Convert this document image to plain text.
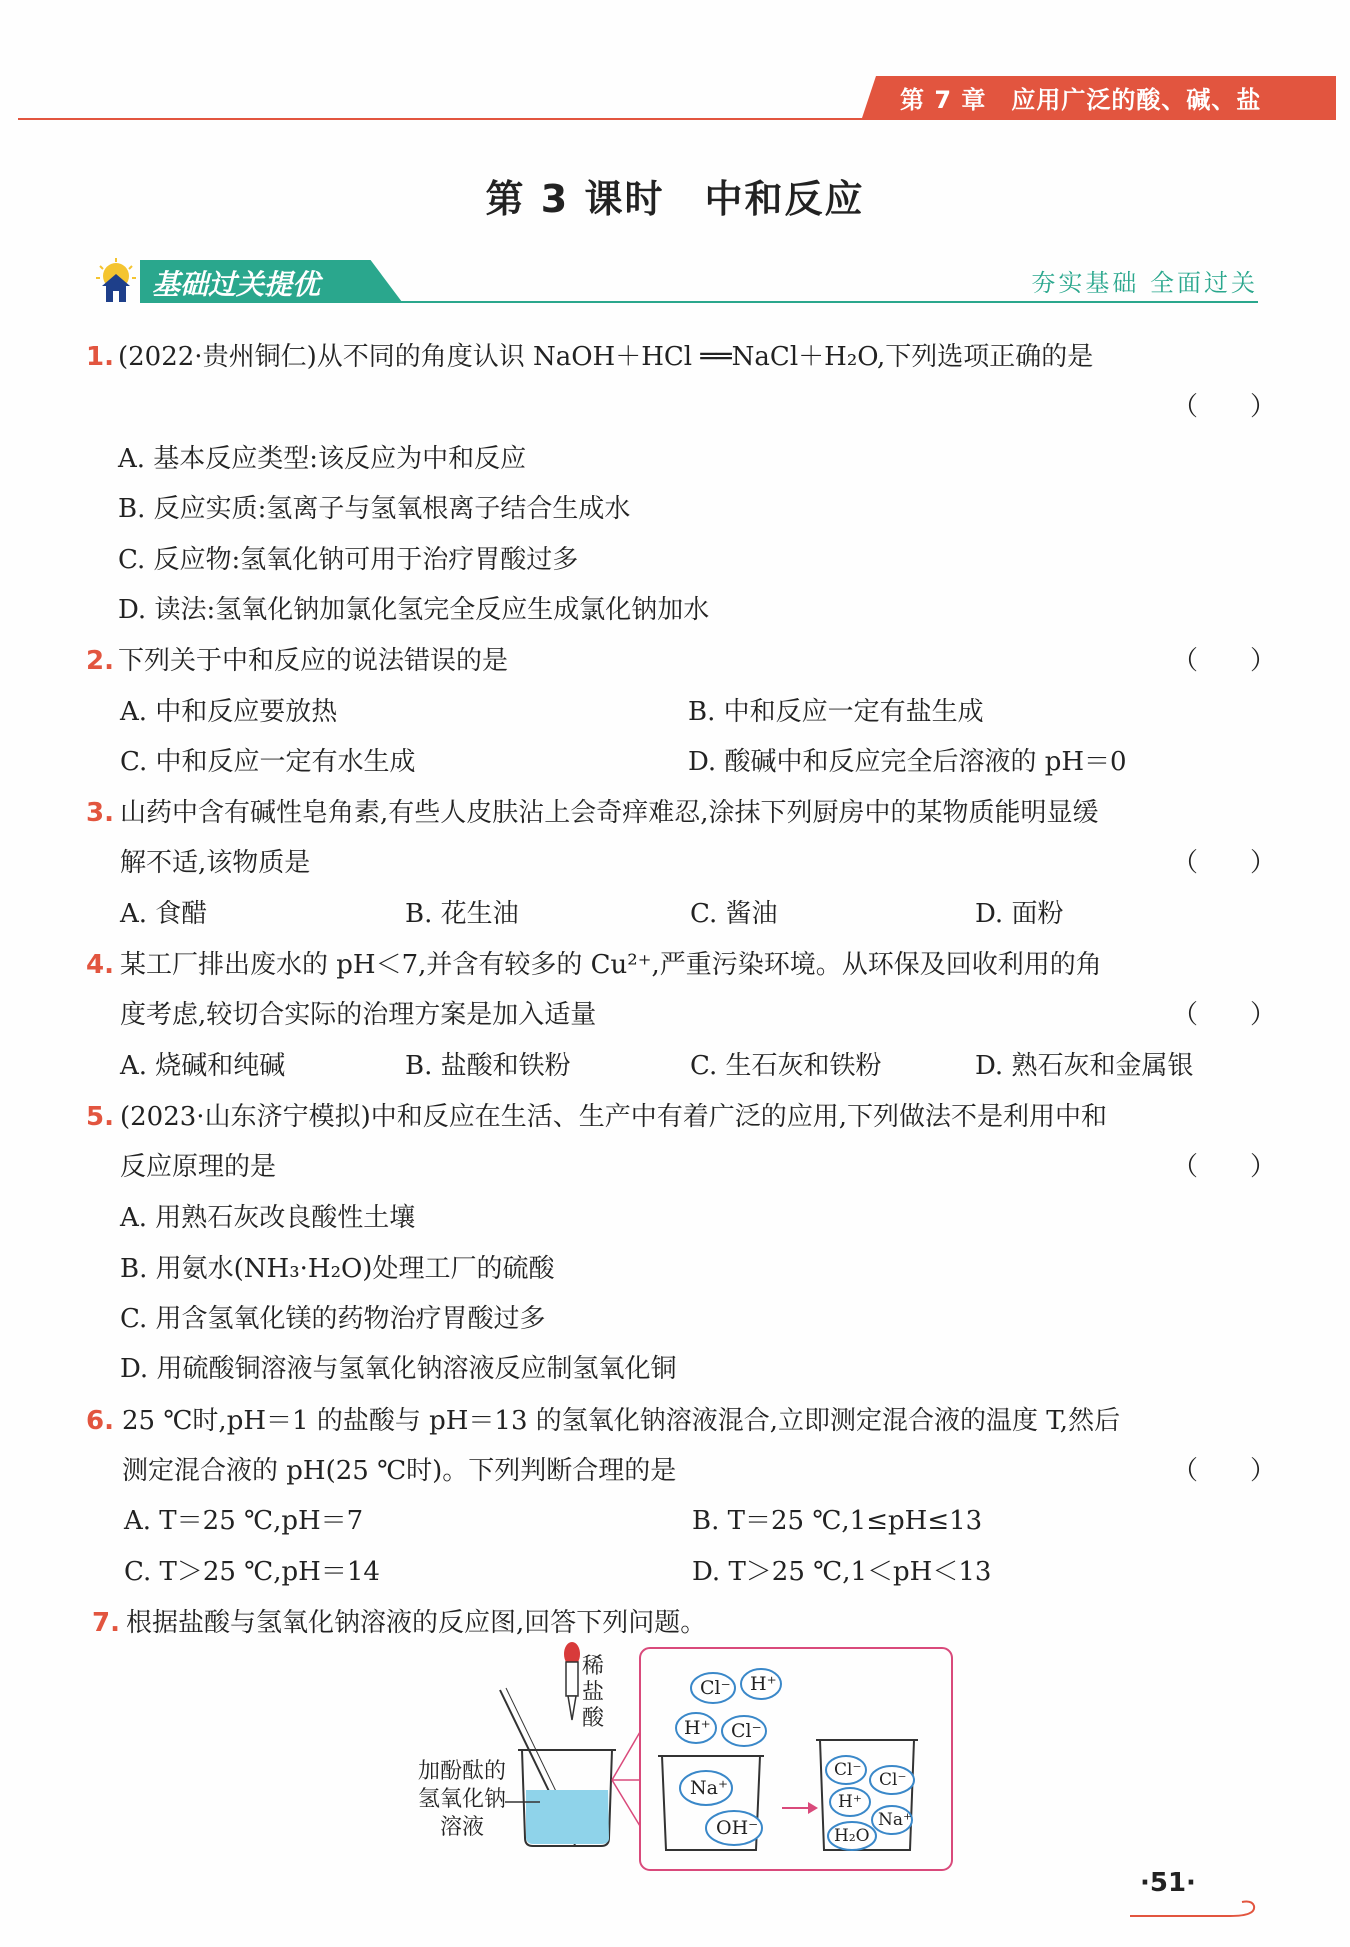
第 7 章　应用广泛的酸、碱、盐
第 3 课时　中和反应
基础过关提优	夯实基础 全面过关
1. (2022·贵州铜仁)从不同的角度认识 NaOH＋HCl ══NaCl＋H₂O,下列选项正确的是
（　　）
A. 基本反应类型:该反应为中和反应
B. 反应实质:氢离子与氢氧根离子结合生成水
C. 反应物:氢氧化钠可用于治疗胃酸过多
D. 读法:氢氧化钠加氯化氢完全反应生成氯化钠加水
2. 下列关于中和反应的说法错误的是	（　　）
A. 中和反应要放热	B. 中和反应一定有盐生成
C. 中和反应一定有水生成	D. 酸碱中和反应完全后溶液的 pH＝0
3. 山药中含有碱性皂角素,有些人皮肤沾上会奇痒难忍,涂抹下列厨房中的某物质能明显缓
解不适,该物质是	（　　）
A. 食醋	B. 花生油	C. 酱油	D. 面粉
4. 某工厂排出废水的 pH＜7,并含有较多的 Cu²⁺,严重污染环境。从环保及回收利用的角
度考虑,较切合实际的治理方案是加入适量	（　　）
A. 烧碱和纯碱	B. 盐酸和铁粉	C. 生石灰和铁粉	D. 熟石灰和金属银
5. (2023·山东济宁模拟)中和反应在生活、生产中有着广泛的应用,下列做法不是利用中和
反应原理的是	（　　）
A. 用熟石灰改良酸性土壤
B. 用氨水(NH₃·H₂O)处理工厂的硫酸
C. 用含氢氧化镁的药物治疗胃酸过多
D. 用硫酸铜溶液与氢氧化钠溶液反应制氢氧化铜
6. 25 ℃时,pH＝1 的盐酸与 pH＝13 的氢氧化钠溶液混合,立即测定混合液的温度 T,然后
测定混合液的 pH(25 ℃时)。下列判断合理的是	（　　）
A. T＝25 ℃,pH＝7	B. T＝25 ℃,1≤pH≤13
C. T＞25 ℃,pH＝14	D. T＞25 ℃,1＜pH＜13
7. 根据盐酸与氢氧化钠溶液的反应图,回答下列问题。
稀
盐
酸
加酚酞的
氢氧化钠
溶液
Cl⁻ H⁺
H⁺ Cl⁻
Na⁺
OH⁻
Cl⁻ Cl⁻
H⁺
Na⁺
H₂O
·51·
